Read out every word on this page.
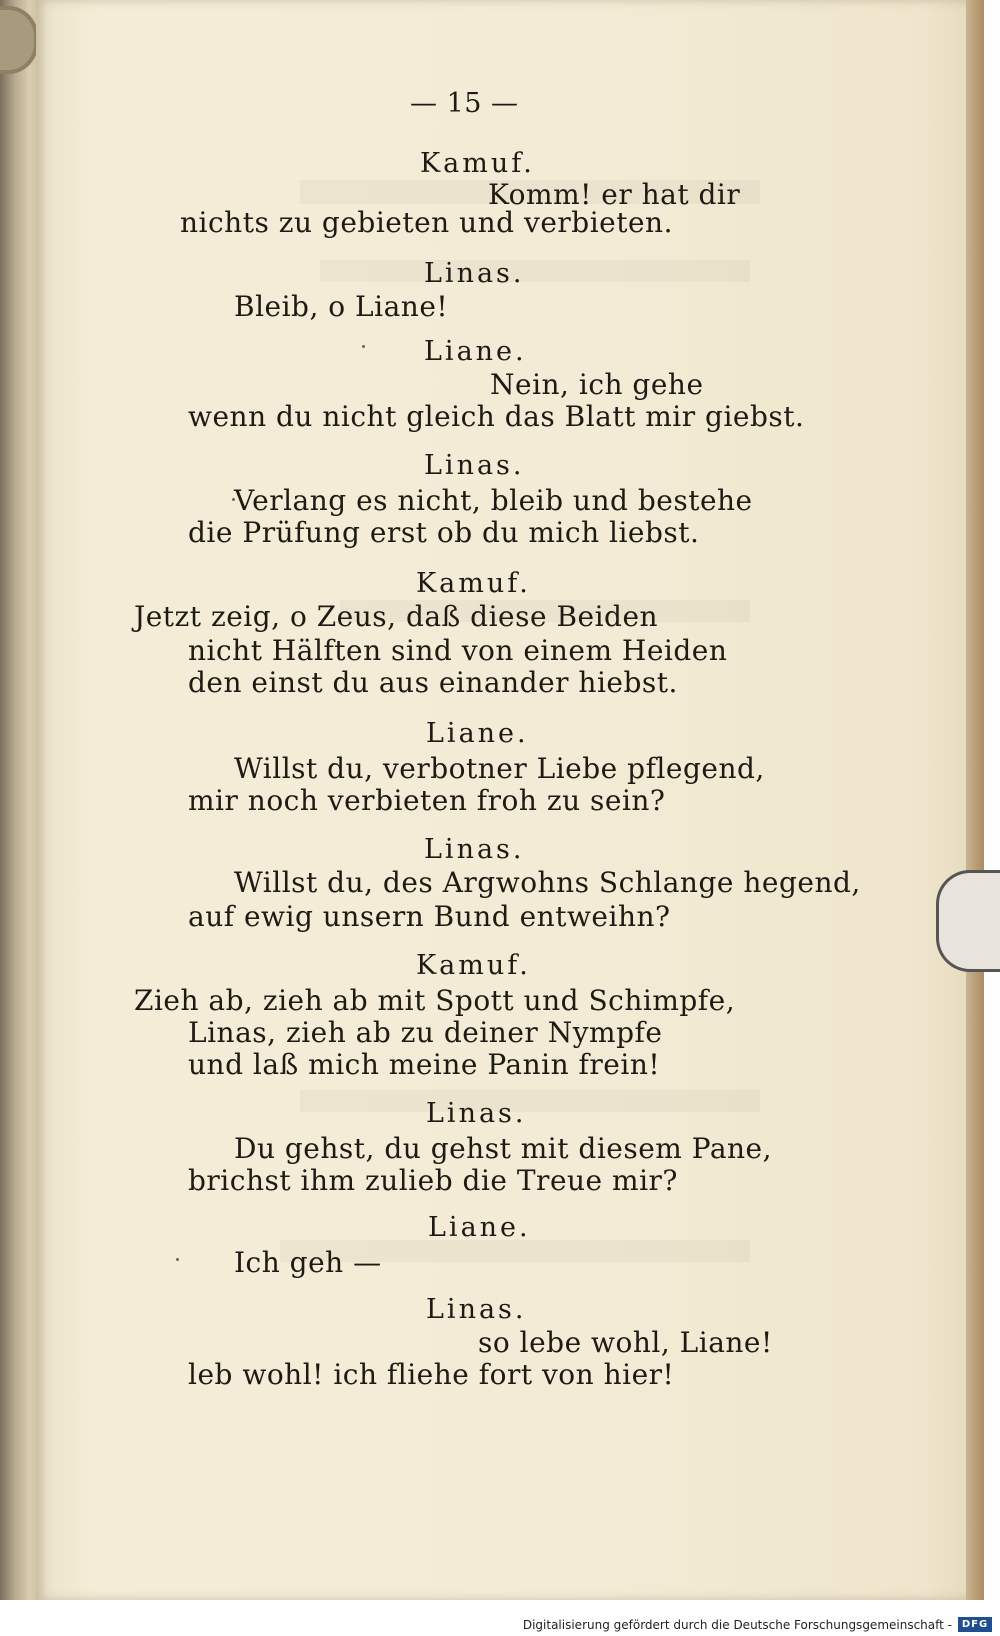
— 15 —
Kamuf.
Komm! er hat dir
nichts zu gebieten und verbieten.
Linas.
Bleib, o Liane!
Liane.
Nein, ich gehe
wenn du nicht gleich das Blatt mir giebst.
Linas.
Verlang es nicht, bleib und bestehe
die Prüfung erst ob du mich liebst.
Kamuf.
Jetzt zeig, o Zeus, daß diese Beiden
nicht Hälften sind von einem Heiden
den einst du aus einander hiebst.
Liane.
Willst du, verbotner Liebe pflegend,
mir noch verbieten froh zu sein?
Linas.
Willst du, des Argwohns Schlange hegend,
auf ewig unsern Bund entweihn?
Kamuf.
Zieh ab, zieh ab mit Spott und Schimpfe,
Linas, zieh ab zu deiner Nympfe
und laß mich meine Panin frein!
Linas.
Du gehst, du gehst mit diesem Pane,
brichst ihm zulieb die Treue mir?
Liane.
Ich geh —
Linas.
so lebe wohl, Liane!
leb wohl! ich fliehe fort von hier!
Digitalisierung gefördert durch die Deutsche Forschungsgemeinschaft - DFG
